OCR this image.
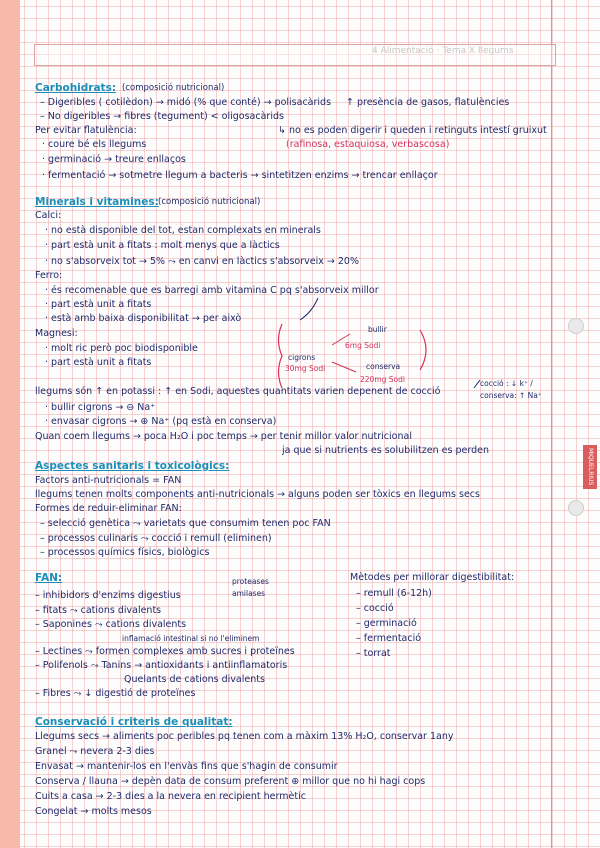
4 Alimentació · Tema X llegums
MIQUELRIUS
Carbohidrats: (composició nutricional)
– Digeribles ( cotilèdon) → midó (% que conté) → polisacàrids ↑ presència de gasos, flatulències
– No digeribles → fibres (tegument) < oligosacàrids
Per evitar flatulència:	↳ no es poden digerir i queden i retinguts intestí gruixut
· coure bé els llegums	(rafinosa, estaquiosa, verbascosa)
· germinació → treure enllaços
· fermentació → sotmetre llegum a bacteris → sintetitzen enzims → trencar enllaçor
Minerals i vitamines: (composició nutricional)
Calci:
· no està disponible del tot, estan complexats en minerals
· part està unit a fitats : molt menys que a làctics
· no s'absorveix tot → 5% ⤳ en canvi en làctics s'absorveix → 20%
Ferro:
· és recomenable que es barregi amb vitamina C pq s'absorveix millor
· part està unit a fitats
· està amb baixa disponibilitat → per això
Magnesi:
· molt ric però poc biodisponible
· part està unit a fitats
bullir
6mg Sodi
cigrons
30mg Sodi	conserva
220mg Sodi
llegums són ↑ en potassi : ↑ en Sodi, aquestes quantitats varien depenent de cocció
cocció : ↓ k⁺ / conserva: ↑ Na⁺
· bullir cigrons → ⊖ Na⁺
· envasar cigrons → ⊕ Na⁺ (pq està en conserva)
Quan coem llegums → poca H₂O i poc temps → per tenir millor valor nutricional
ja que si nutrients es solubilitzen es perden
Aspectes sanitaris i toxicològics:
Factors anti-nutricionals = FAN
llegums tenen molts components anti-nutricionals → alguns poden ser tòxics en llegums secs
Formes de reduir-eliminar FAN:
– selecció genètica ⤳ varietats que consumim tenen poc FAN
– processos culinaris ⤳ cocció i remull (eliminen)
– processos químics físics, biològics
FAN:	proteases
– inhibidors d'enzims digestius	amilases
– fitats ⤳ cations divalents
– Saponines ⤳ cations divalents
inflamació intestinal si no l'eliminem
– Lectines ⤳ formen complexes amb sucres i proteïnes
– Polifenols ⤳ Tanins → antioxidants i antiinflamatoris
Quelants de cations divalents
– Fibres ⤳ ↓ digestió de proteïnes
Mètodes per millorar digestibilitat:
– remull (6-12h)
– cocció
– germinació
– fermentació
– torrat
Conservació i criteris de qualitat:
Llegums secs → aliments poc peribles pq tenen com a màxim 13% H₂O, conservar 1any
Granel ⤳ nevera 2-3 dies
Envasat → mantenir-los en l'envàs fins que s'hagin de consumir
Conserva / llauna → depèn data de consum preferent ⊕ millor que no hi hagi cops
Cuits a casa → 2-3 dies a la nevera en recipient hermètic
Congelat → molts mesos
